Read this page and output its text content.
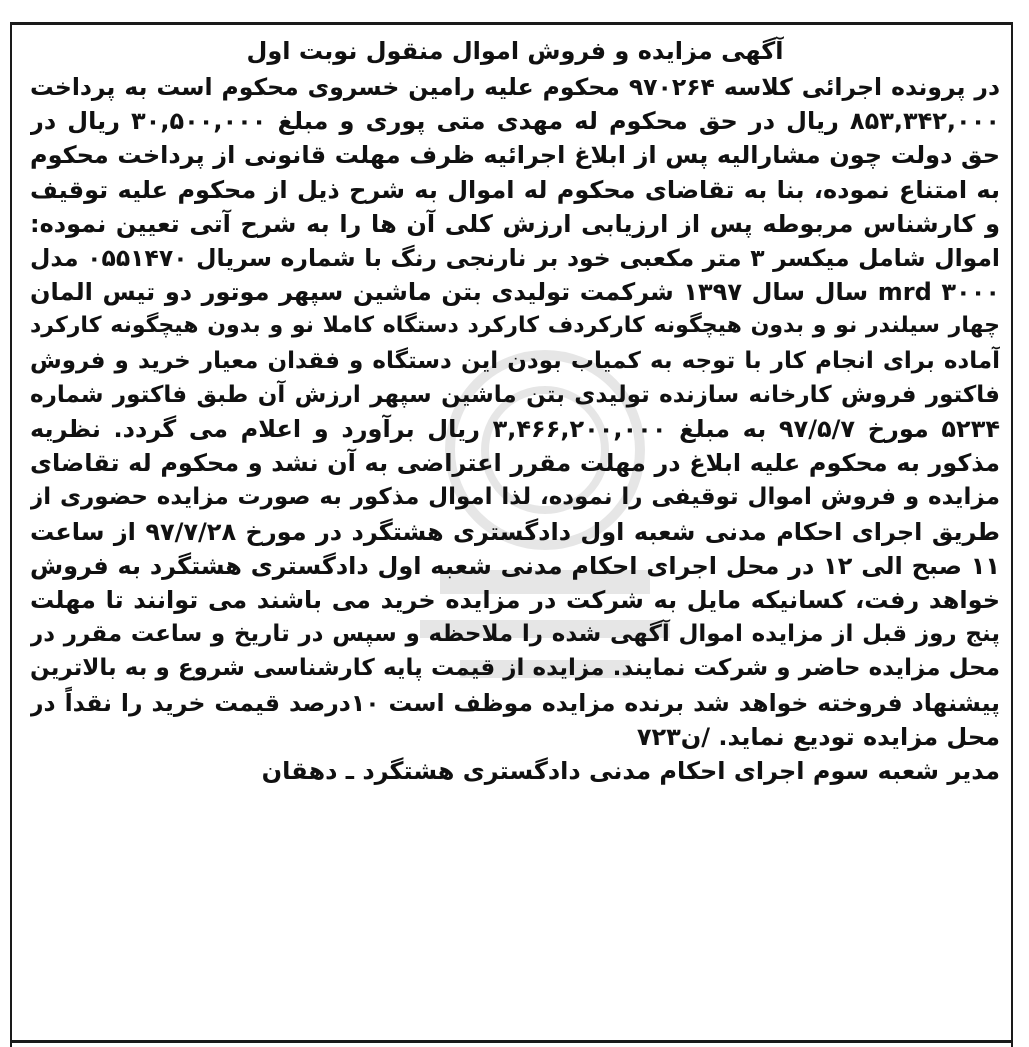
آگهی مزایده و فروش اموال منقول نوبت اول
در پرونده اجرائی کلاسه ۹۷۰۲۶۴ محکوم علیه رامین خسروی محکوم است به پرداخت
۸۵۳,۳۴۲,۰۰۰ ریال در حق محکوم له مهدی متی پوری و مبلغ ۳۰,۵۰۰,۰۰۰ ریال در
حق دولت چون مشارالیه پس از ابلاغ اجرائیه ظرف مهلت قانونی از پرداخت محکوم
به امتناع نموده، بنا به تقاضای محکوم له اموال به شرح ذیل از محکوم علیه توقیف
و کارشناس مربوطه پس از ارزیابی ارزش کلی آن ها را به شرح آتی تعیین نموده:
اموال شامل میکسر ۳ متر مکعبی خود بر نارنجی رنگ با شماره سریال ۰۵۵۱۴۷۰ مدل
۳۰۰۰ mrd سال سال ۱۳۹۷ شرکمت تولیدی بتن ماشین سپهر موتور دو تیس المان
چهار سیلندر نو و بدون هیچگونه کارکردف کارکرد دستگاه کاملا نو و بدون هیچگونه کارکرد
آماده برای انجام کار با توجه به کمیاب بودن این دستگاه و فقدان معیار خرید و فروش
فاکتور فروش کارخانه سازنده تولیدی بتن ماشین سپهر ارزش آن طبق فاکتور شماره
۵۲۳۴ مورخ ۹۷/۵/۷ به مبلغ ۳,۴۶۶,۲۰۰,۰۰۰ ریال برآورد و اعلام می گردد. نظریه
مذکور به محکوم علیه ابلاغ در مهلت مقرر اعتراضی به آن نشد و محکوم له تقاضای
مزایده و فروش اموال توقیفی را نموده، لذا اموال مذکور به صورت مزایده حضوری از
طریق اجرای احکام مدنی شعبه اول دادگستری هشتگرد در مورخ ۹۷/۷/۲۸ از ساعت
۱۱ صبح الی ۱۲ در محل اجرای احکام مدنی شعبه اول دادگستری هشتگرد به فروش
خواهد رفت، کسانیکه مایل به شرکت در مزایده خرید می باشند می توانند تا مهلت
پنج روز قبل از مزایده اموال آگهی شده را ملاحظه و سپس در تاریخ و ساعت مقرر در
محل مزایده حاضر و شرکت نمایند. مزایده از قیمت پایه کارشناسی شروع و به بالاترین
پیشنهاد فروخته خواهد شد برنده مزایده موظف است ۱۰درصد قیمت خرید را نقداً در
محل مزایده تودیع نماید. /ن۷۲۳
مدیر شعبه سوم اجرای احکام مدنی دادگستری هشتگرد ـ دهقان
